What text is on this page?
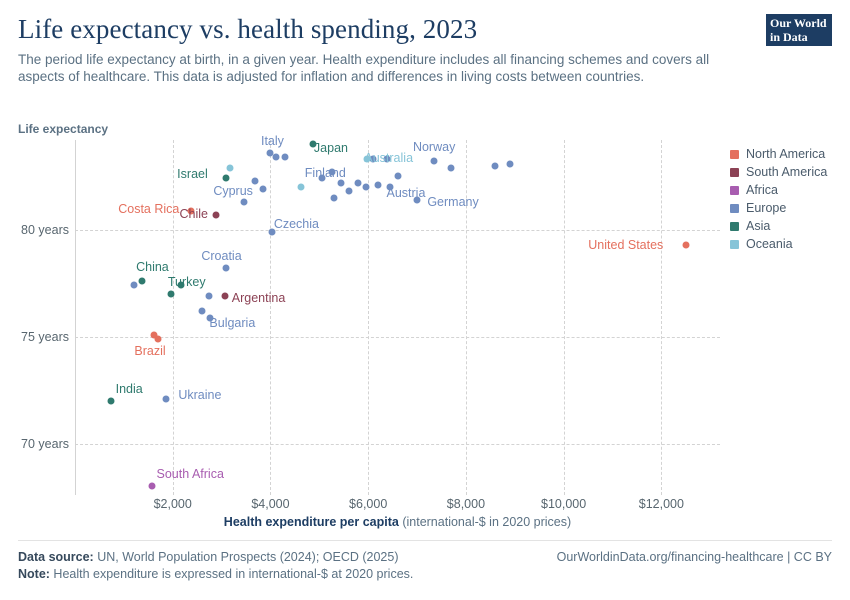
Life expectancy vs. health spending, 2023

The period life expectancy at birth, in a given year. Health expenditure includes all financing schemes and covers all aspects of healthcare. This data is adjusted for inflation and differences in living costs between countries.

Our World
in Data
Life expectancy
$2,000	$4,000	$6,000	$8,000	$10,000	$12,000
70 years
75 years
80 years
United States
Costa Rica
Brazil
Chile
Argentina
South Africa
Norway
Germany
Austria
Finland
Italy
Cyprus
Czechia
Croatia
Bulgaria
Ukraine
Israel
Japan
China
Turkey
India
Australia
Health expenditure per capita (international-$ in 2020 prices)
North America
South America
Africa
Europe
Asia
Oceania
Data source: UN, World Population Prospects (2024); OECD (2025)
Note: Health expenditure is expressed in international-$ at 2020 prices.
OurWorldinData.org/financing-healthcare | CC BY
